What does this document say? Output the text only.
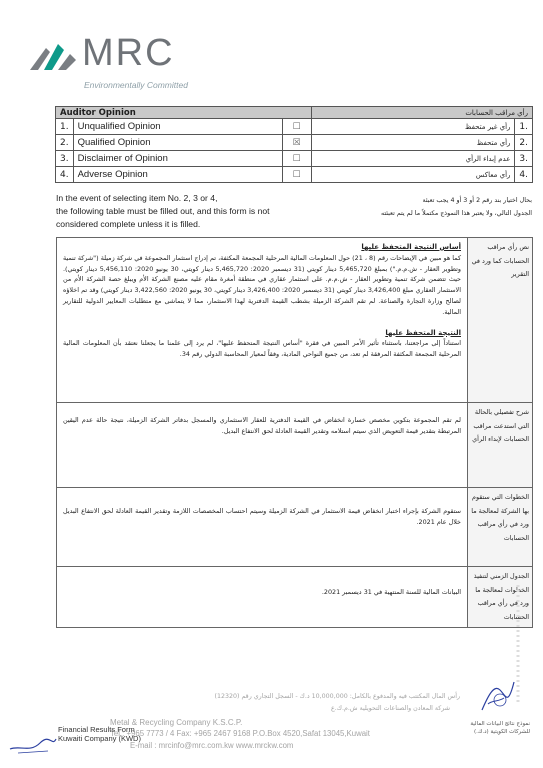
MRC
Environmentally Committed
Auditor Opinion			رأي مراقب الحسابات	
1.	Unqualified Opinion	☐	رأي غير متحفظ	1.
2.	Qualified Opinion	☒	رأي متحفظ	2.
3.	Disclaimer of Opinion	☐	عدم إبداء الرأي	3.
4.	Adverse Opinion	☐	رأي معاكس	4.
In the event of selecting item No. 2, 3 or 4,
the following table must be filled out, and this form is not
considered complete unless it is filled.
بحال اختيار بند رقم 2 أو 3 أو 4 يجب تعبئة
الجدول التالي، ولا يعتبر هذا النموذج مكتملاً ما لم يتم تعبئته
أساس النتيجة المتحفظ عليها
كما هو مبين في الإيضاحات رقم (8 ، 21) حول المعلومات المالية المرحلية المجمعة المكثفة، تم إدراج استثمار المجموعة في شركة زميلة ("شركة تنمية وتطوير العقار - ش.م.م.") بمبلغ 5,465,720 دينار كويتي (31 ديسمبر 2020: 5,465,720 دينار كويتي، 30 يونيو 2020: 5,456,110 دينار كويتي). حيث تتضمن شركة تنمية وتطوير العقار - ش.م.م. على استثمار عقاري في منطقة أمغرة مقام عليه مصنع الشركة الأم ويبلغ حصة الشركة الأم من الاستثمار العقاري مبلغ 3,426,400 دينار كويتي (31 ديسمبر 2020: 3,426,400 دينار كويتي، 30 يونيو 2020: 3,422,560 دينار كويتي) وقد تم اخلاؤه لصالح وزارة التجارة والصناعة. لم تقم الشركة الزميلة بشطب القيمة الدفترية لهذا الاستثمار، مما لا يتماشى مع متطلبات المعايير الدولية للتقارير المالية.
النتيجة المتحفظ عليها
استناداً إلى مراجعتنا، باستثناء تأثير الأمر المبين في فقرة "أساس النتيجة المتحفظ عليها"، لم يرد إلى علمنا ما يجعلنا نعتقد بأن المعلومات المالية المرحلية المجمعة المكثفة المرفقة لم تعد، من جميع النواحي المادية، وفقاً لمعيار المحاسبة الدولي رقم 34.	نص رأي مراقب الحسابات كما ورد في التقرير

لم تقم المجموعة بتكوين مخصص خسارة انخفاض في القيمة الدفترية للعقار الاستثماري والمسجل بدفاتر الشركة الزميلة، نتيجة حالة عدم اليقين المرتبطة بتقدير قيمة التعويض الذي سيتم استلامه وتقدير القيمة العادلة لحق الانتفاع البديل.	شرح تفصيلي بالحالة التي استدعت مراقب الحسابات لإبداء الرأي

ستقوم الشركة بإجراء اختبار انخفاض قيمة الاستثمار في الشركة الزميلة وسيتم احتساب المخصصات اللازمة وتقدير القيمة العادلة لحق الانتفاع البديل خلال عام 2021.	الخطوات التي ستقوم بها الشركة لمعالجة ما ورد في رأي مراقب الحسابات

البيانات المالية للسنة المنتهية في 31 ديسمبر 2021.	الجدول الزمني لتنفيذ الخطوات لمعالجة ما ورد في رأي مراقب الحسابات
رأس المال المكتتب فيه والمدفوع بالكامل: 10,000,000 د.ك - السجل التجاري رقم (12320)
شركة المعادن والصناعات التحويلية ش.م.ك.ع
Metal & Recycling Company K.S.C.P.
Tel.: +965 7773 / 4 Fax: +965 2467 9168 P.O.Box 4520,Safat 13045,Kuwait
E-mail : mrcinfo@mrc.com.kw www.mrckw.com
Financial Results Form
Kuwaiti Company (KWD)
نموذج نتائج البيانات المالية
للشركات الكويتية (د.ك.)
